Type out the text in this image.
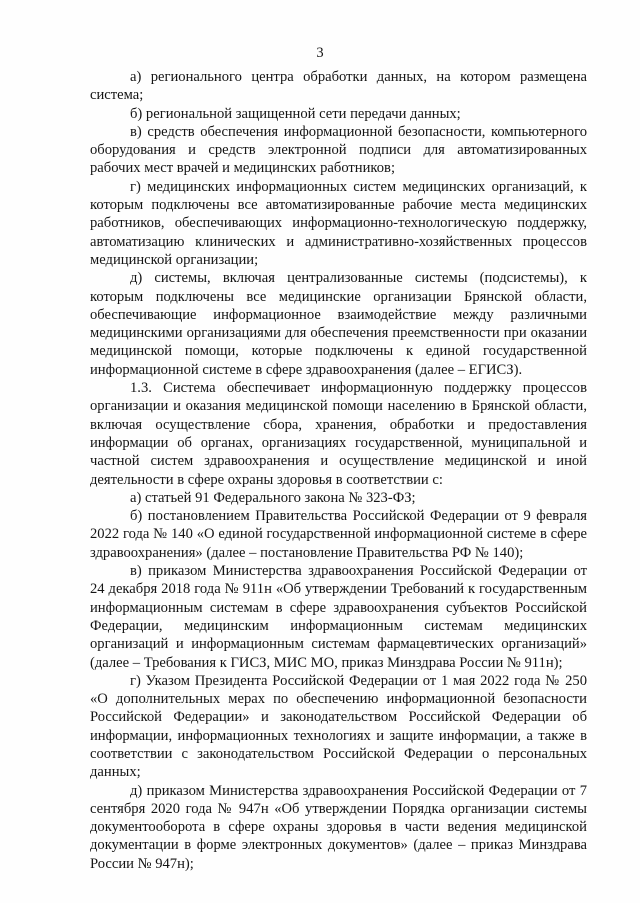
3

а) регионального центра обработки данных, на котором размещена система;

б) региональной защищенной сети передачи данных;

в) средств обеспечения информационной безопасности, компьютерного оборудования и средств электронной подписи для автоматизированных рабочих мест врачей и медицинских работников;

г) медицинских информационных систем медицинских организаций, к которым подключены все автоматизированные рабочие места медицинских работников, обеспечивающих информационно-технологическую поддержку, автоматизацию клинических и административно-хозяйственных процессов медицинской организации;

д) системы, включая централизованные системы (подсистемы), к которым подключены все медицинские организации Брянской области, обеспечивающие информационное взаимодействие между различными медицинскими организациями для обеспечения преемственности при оказании медицинской помощи, которые подключены к единой государственной информационной системе в сфере здравоохранения (далее – ЕГИСЗ).

1.3. Система обеспечивает информационную поддержку процессов организации и оказания медицинской помощи населению в Брянской области, включая осуществление сбора, хранения, обработки и предоставления информации об органах, организациях государственной, муниципальной и частной систем здравоохранения и осуществление медицинской и иной деятельности в сфере охраны здоровья в соответствии с:

а) статьей 91 Федерального закона № 323-ФЗ;

б) постановлением Правительства Российской Федерации от 9 февраля 2022 года № 140 «О единой государственной информационной системе в сфере здравоохранения» (далее – постановление Правительства РФ № 140);

в) приказом Министерства здравоохранения Российской Федерации от 24 декабря 2018 года № 911н «Об утверждении Требований к государственным информационным системам в сфере здравоохранения субъектов Российской Федерации, медицинским информационным системам медицинских организаций и информационным системам фармацевтических организаций» (далее – Требования к ГИСЗ, МИС МО, приказ Минздрава России № 911н);

г) Указом Президента Российской Федерации от 1 мая 2022 года № 250 «О дополнительных мерах по обеспечению информационной безопасности Российской Федерации» и законодательством Российской Федерации об информации, информационных технологиях и защите информации, а также в соответствии с законодательством Российской Федерации о персональных данных;

д) приказом Министерства здравоохранения Российской Федерации от 7 сентября 2020 года № 947н «Об утверждении Порядка организации системы документооборота в сфере охраны здоровья в части ведения медицинской документации в форме электронных документов» (далее – приказ Минздрава России № 947н);
